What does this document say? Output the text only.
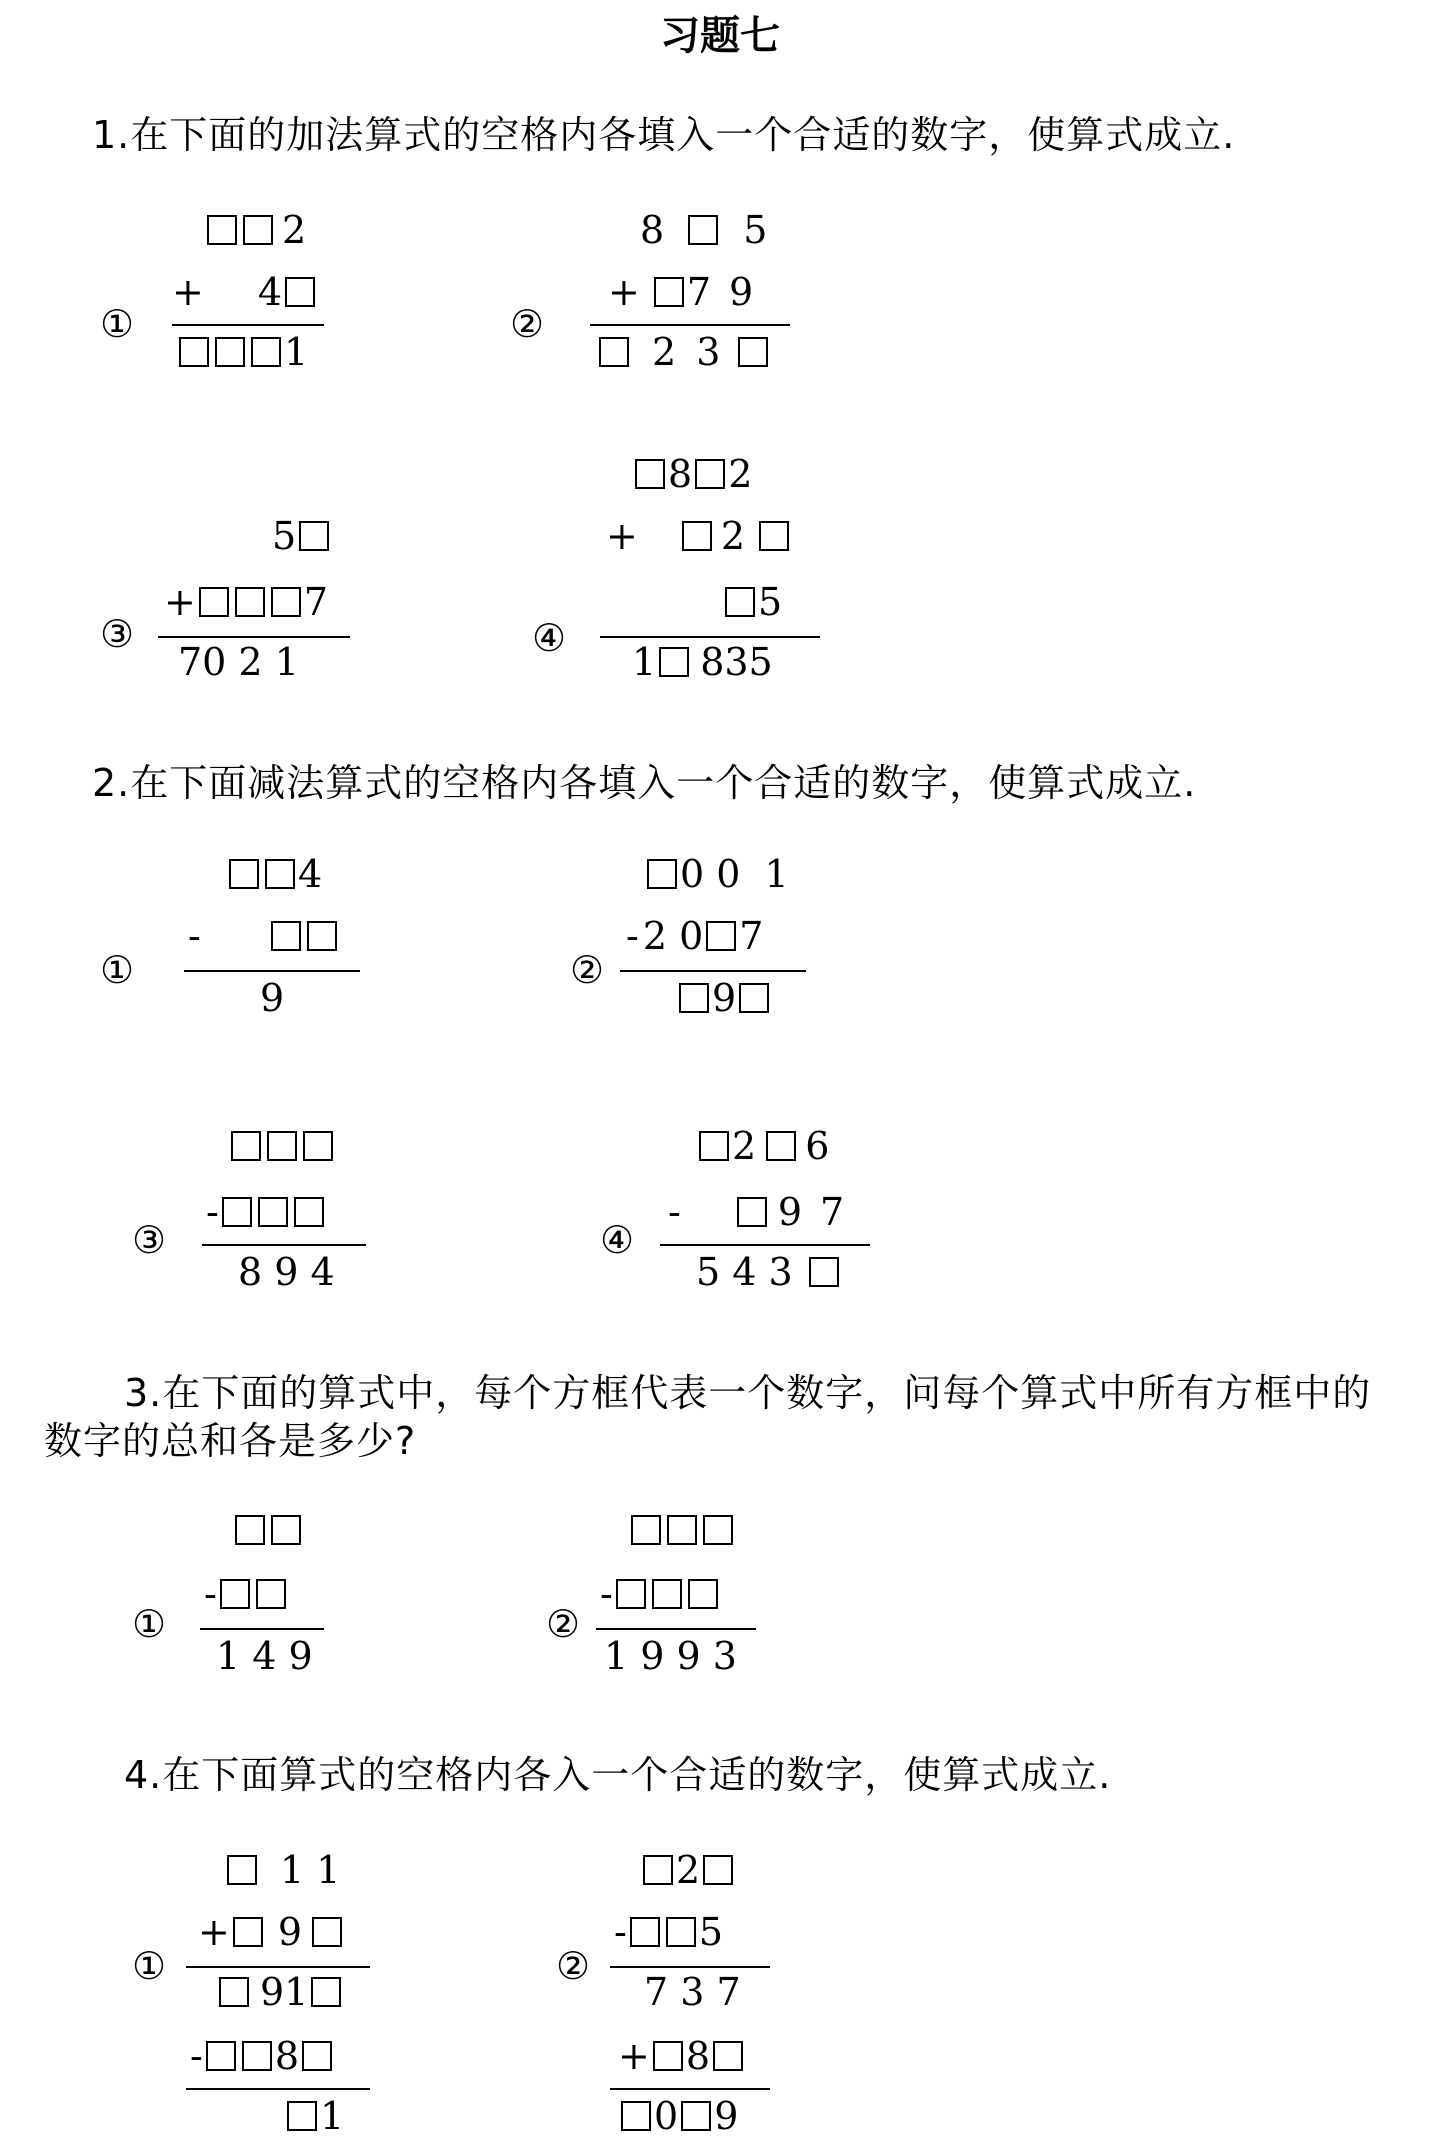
习题七
1.在下面的加法算式的空格内各填入一个合适的数字，使算式成立.
2
①
+ 4
1
8 5
②
+ 7 9
2 3
8 2
+ 2
5
④
1 835
5
+	7
③
70 2 1
2.在下面减法算式的空格内各填入一个合适的数字，使算式成立.
4
①
-
9
0 0 1
②
- 2 0 7
9
③
-
8 9 4
2 6
④
-	9 7
5 4 3
3.在下面的算式中，每个方框代表一个数字，问每个算式中所有方框中的
数字的总和各是多少?
①
-
1 4 9
②
-
1 9 9 3
4.在下面算式的空格内各入一个合适的数字，使算式成立.
1 1
①
+ 9
91
- 8
1
2
②
- 5
7 3 7
+ 8
0 9
